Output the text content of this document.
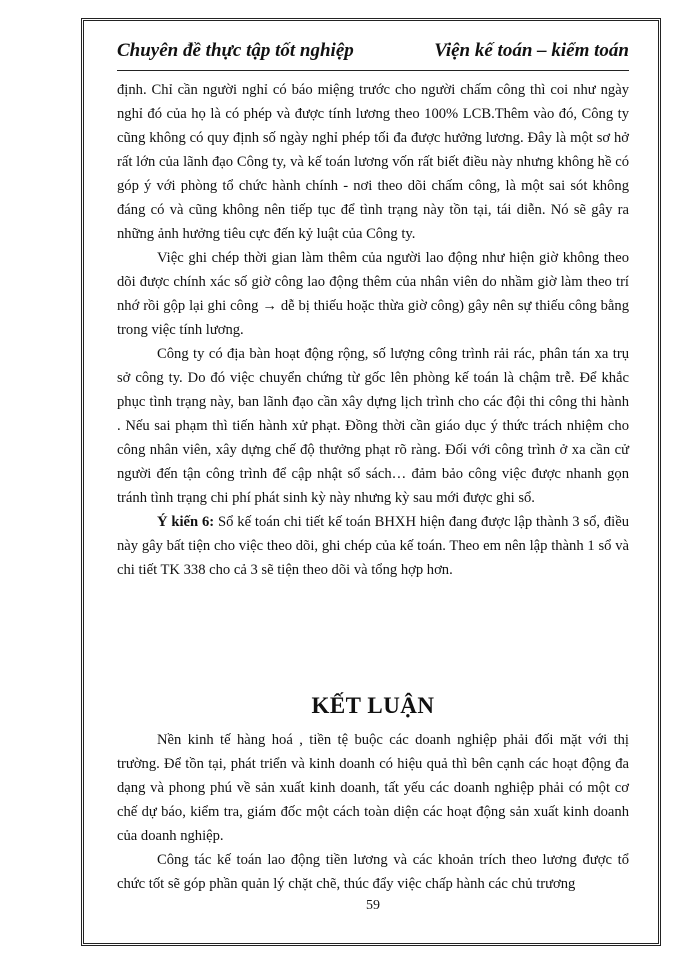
Chuyên đề thực tập tốt nghiệp	Viện kế toán – kiểm toán

định. Chỉ cần người nghỉ có báo miệng trước cho người chấm công thì coi như ngày nghỉ đó của họ là có phép và được tính lương theo 100% LCB.Thêm vào đó, Công ty cũng không có quy định số ngày nghỉ phép tối đa được hưởng lương. Đây là một sơ hở rất lớn của lãnh đạo Công ty, và kế toán lương vốn rất biết điều này nhưng không hề có góp ý với phòng tổ chức hành chính - nơi theo dõi chấm công, là một sai sót không đáng có và cũng không nên tiếp tục để tình trạng này tồn tại, tái diễn. Nó sẽ gây ra những ảnh hưởng tiêu cực đến kỷ luật của Công ty.

Việc ghi chép thời gian làm thêm của người lao động như hiện giờ không theo dõi được chính xác số giờ công lao động thêm của nhân viên do nhầm giờ làm theo trí nhớ rồi gộp lại ghi công → dễ bị thiếu hoặc thừa giờ công) gây nên sự thiếu công bằng trong việc tính lương.

Công ty có địa bàn hoạt động rộng, số lượng công trình rải rác, phân tán xa trụ sở công ty. Do đó việc chuyển chứng từ gốc lên phòng kế toán là chậm trễ. Để khắc phục tình trạng này, ban lãnh đạo cần xây dựng lịch trình cho các đội thi công thi hành . Nếu sai phạm thì tiến hành xử phạt. Đồng thời cần giáo dục ý thức trách nhiệm cho công nhân viên, xây dựng chế độ thưởng phạt rõ ràng. Đối với công trình ở xa cần cử người đến tận công trình để cập nhật sổ sách… đảm bảo công việc được nhanh gọn tránh tình trạng chi phí phát sinh kỳ này nhưng kỳ sau mới được ghi sổ.

Ý kiến 6: Sổ kế toán chi tiết kế toán BHXH hiện đang được lập thành 3 sổ, điều này gây bất tiện cho việc theo dõi, ghi chép của kế toán. Theo em nên lập thành 1 sổ và chi tiết TK 338 cho cả 3 sẽ tiện theo dõi và tổng hợp hơn.

KẾT LUẬN

Nền kinh tế hàng hoá , tiền tệ buộc các doanh nghiệp phải đối mặt với thị trường. Để tồn tại, phát triển và kinh doanh có hiệu quả thì bên cạnh các hoạt động đa dạng và phong phú về sản xuất kinh doanh, tất yếu các doanh nghiệp phải có một cơ chế dự báo, kiểm tra, giám đốc một cách toàn diện các hoạt động sản xuất kinh doanh của doanh nghiệp.

Công tác kế toán lao động tiền lương và các khoản trích theo lương được tổ chức tốt sẽ góp phần quản lý chặt chẽ, thúc đẩy việc chấp hành các chủ trương

59
